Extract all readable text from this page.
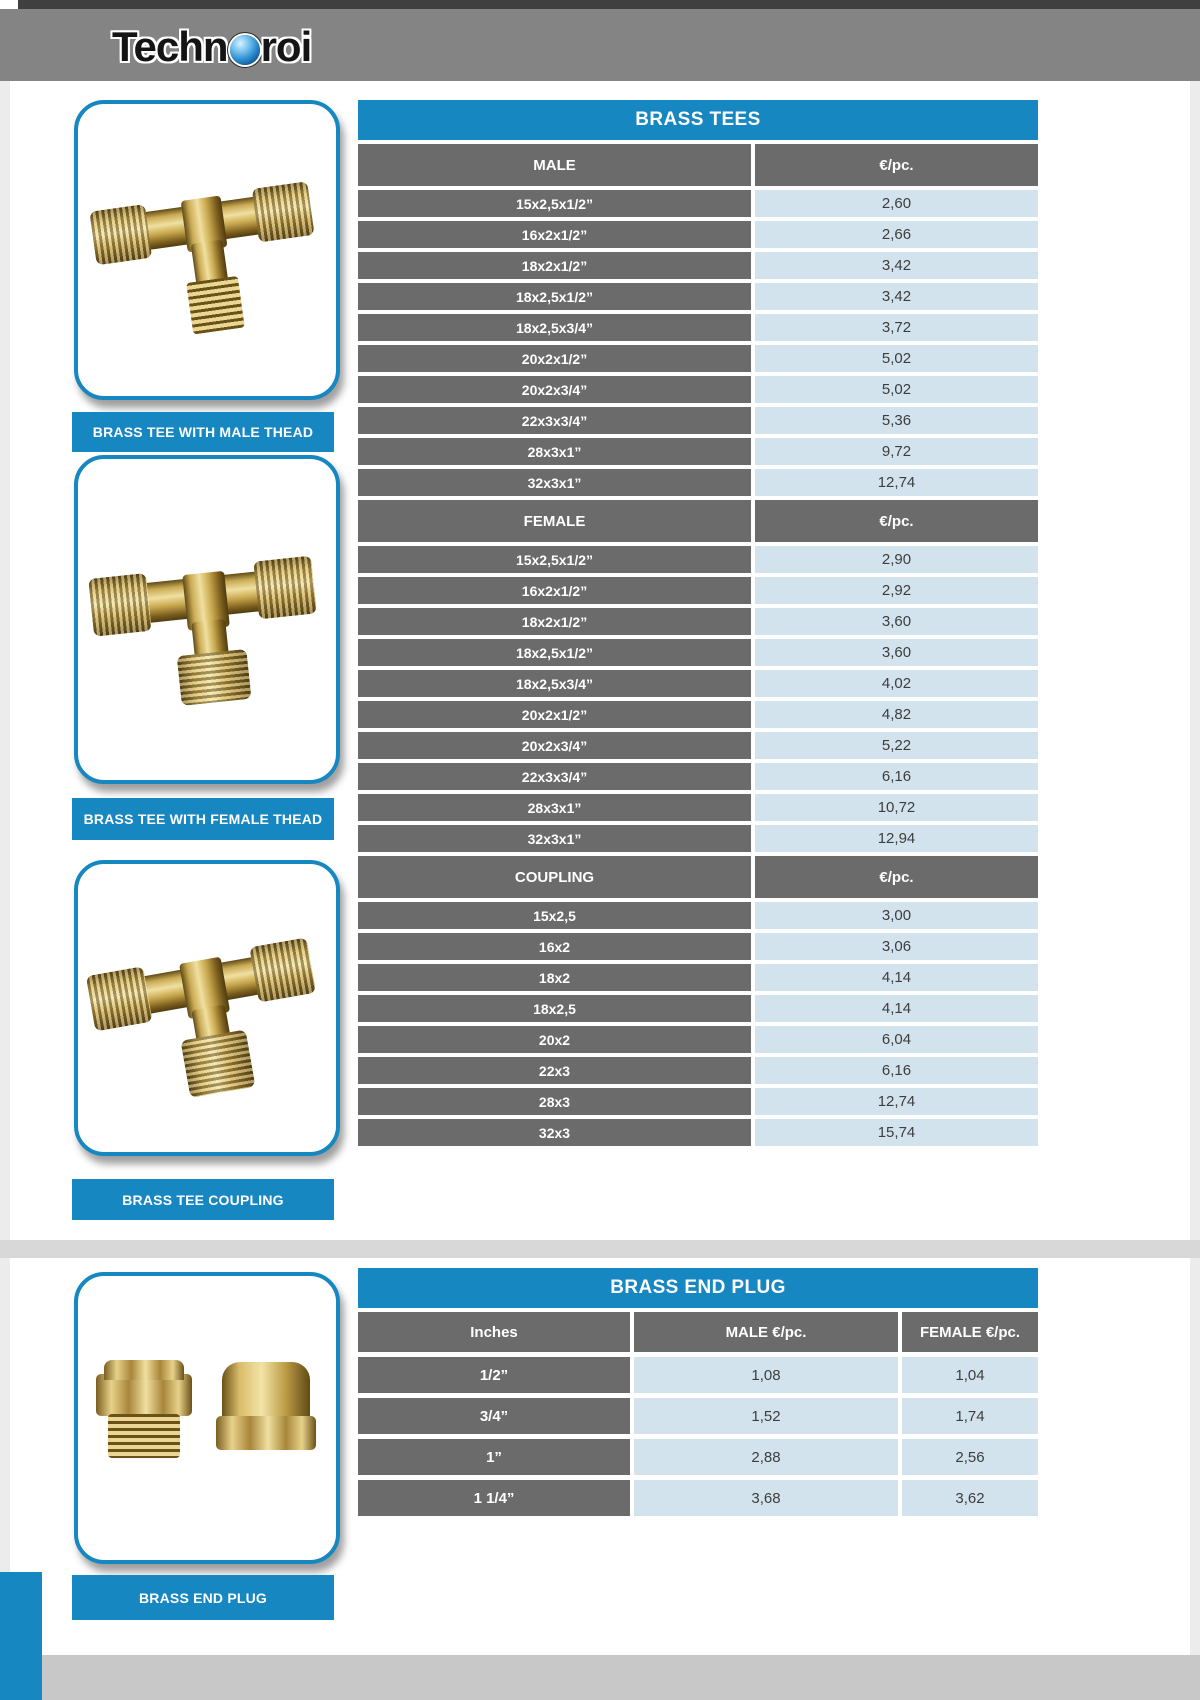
Techn roi
BRASS TEE WITH MALE THEAD
BRASS TEE WITH FEMALE THEAD
BRASS TEE COUPLING
BRASS END PLUG
BRASS TEES
MALE	€/pc.
15x2,5x1/2”	2,60
16x2x1/2”	2,66
18x2x1/2”	3,42
18x2,5x1/2”	3,42
18x2,5x3/4”	3,72
20x2x1/2”	5,02
20x2x3/4”	5,02
22x3x3/4”	5,36
28x3x1”	9,72
32x3x1”	12,74
FEMALE	€/pc.
15x2,5x1/2”	2,90
16x2x1/2”	2,92
18x2x1/2”	3,60
18x2,5x1/2”	3,60
18x2,5x3/4”	4,02
20x2x1/2”	4,82
20x2x3/4”	5,22
22x3x3/4”	6,16
28x3x1”	10,72
32x3x1”	12,94
COUPLING	€/pc.
15x2,5	3,00
16x2	3,06
18x2	4,14
18x2,5	4,14
20x2	6,04
22x3	6,16
28x3	12,74
32x3	15,74
BRASS END PLUG
Inches	MALE €/pc.	FEMALE €/pc.
1/2”	1,08	1,04
3/4”	1,52	1,74
1”	2,88	2,56
1 1/4”	3,68	3,62
